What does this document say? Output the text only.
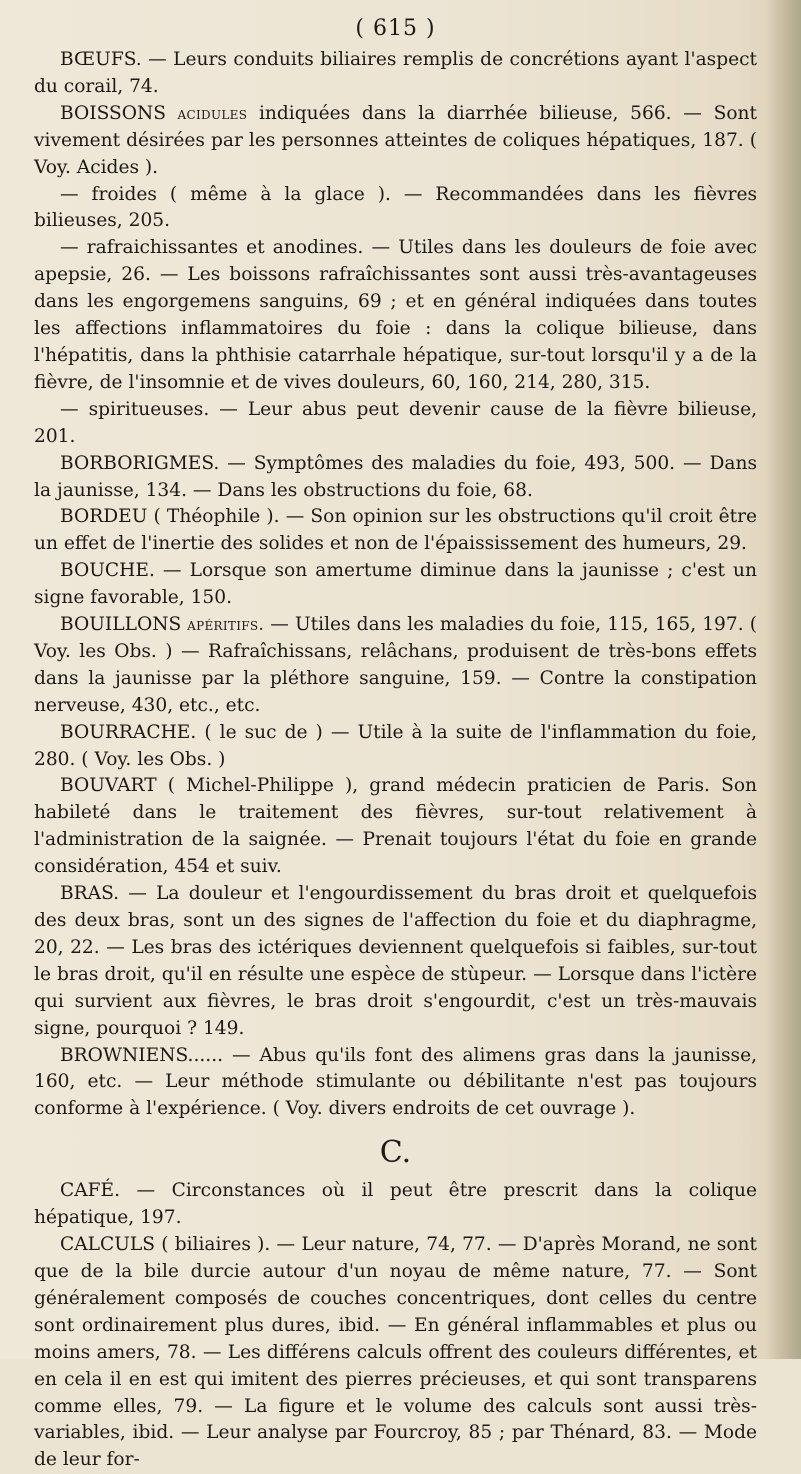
( 615 )

BŒUFS. — Leurs conduits biliaires remplis de concrétions ayant l'aspect du corail, 74.

BOISSONS acidules indiquées dans la diarrhée bilieuse, 566. — Sont vivement désirées par les personnes atteintes de coliques hépatiques, 187. ( Voy. Acides ).

— froides ( même à la glace ). — Recommandées dans les fièvres bilieuses, 205.

— rafraichissantes et anodines. — Utiles dans les douleurs de foie avec apepsie, 26. — Les boissons rafraîchissantes sont aussi très-avantageuses dans les engorgemens sanguins, 69 ; et en général indiquées dans toutes les affections inflammatoires du foie : dans la colique bilieuse, dans l'hépatitis, dans la phthisie catarrhale hépatique, sur-tout lorsqu'il y a de la fièvre, de l'insomnie et de vives douleurs, 60, 160, 214, 280, 315.

— spiritueuses. — Leur abus peut devenir cause de la fièvre bilieuse, 201.

BORBORIGMES. — Symptômes des maladies du foie, 493, 500. — Dans la jaunisse, 134. — Dans les obstructions du foie, 68.

BORDEU ( Théophile ). — Son opinion sur les obstructions qu'il croit être un effet de l'inertie des solides et non de l'épaississement des humeurs, 29.

BOUCHE. — Lorsque son amertume diminue dans la jaunisse ; c'est un signe favorable, 150.

BOUILLONS apéritifs. — Utiles dans les maladies du foie, 115, 165, 197. ( Voy. les Obs. ) — Rafraîchissans, relâchans, produisent de très-bons effets dans la jaunisse par la pléthore sanguine, 159. — Contre la constipation nerveuse, 430, etc., etc.

BOURRACHE. ( le suc de ) — Utile à la suite de l'inflammation du foie, 280. ( Voy. les Obs. )

BOUVART ( Michel-Philippe ), grand médecin praticien de Paris. Son habileté dans le traitement des fièvres, sur-tout relativement à l'administration de la saignée. — Prenait toujours l'état du foie en grande considération, 454 et suiv.

BRAS. — La douleur et l'engourdissement du bras droit et quelquefois des deux bras, sont un des signes de l'affection du foie et du diaphragme, 20, 22. — Les bras des ictériques deviennent quelquefois si faibles, sur-tout le bras droit, qu'il en résulte une espèce de stùpeur. — Lorsque dans l'ictère qui survient aux fièvres, le bras droit s'engourdit, c'est un très-mauvais signe, pourquoi ? 149.

BROWNIENS...... — Abus qu'ils font des alimens gras dans la jaunisse, 160, etc. — Leur méthode stimulante ou débilitante n'est pas toujours conforme à l'expérience. ( Voy. divers endroits de cet ouvrage ).

C.

CAFÉ. — Circonstances où il peut être prescrit dans la colique hépatique, 197.

CALCULS ( biliaires ). — Leur nature, 74, 77. — D'après Morand, ne sont que de la bile durcie autour d'un noyau de même nature, 77. — Sont généralement composés de couches concentriques, dont celles du centre sont ordinairement plus dures, ibid. — En général inflammables et plus ou moins amers, 78. — Les différens calculs offrent des couleurs différentes, et en cela il en est qui imitent des pierres précieuses, et qui sont transparens comme elles, 79. — La figure et le volume des calculs sont aussi très-variables, ibid. — Leur analyse par Fourcroy, 85 ; par Thénard, 83. — Mode de leur for-
